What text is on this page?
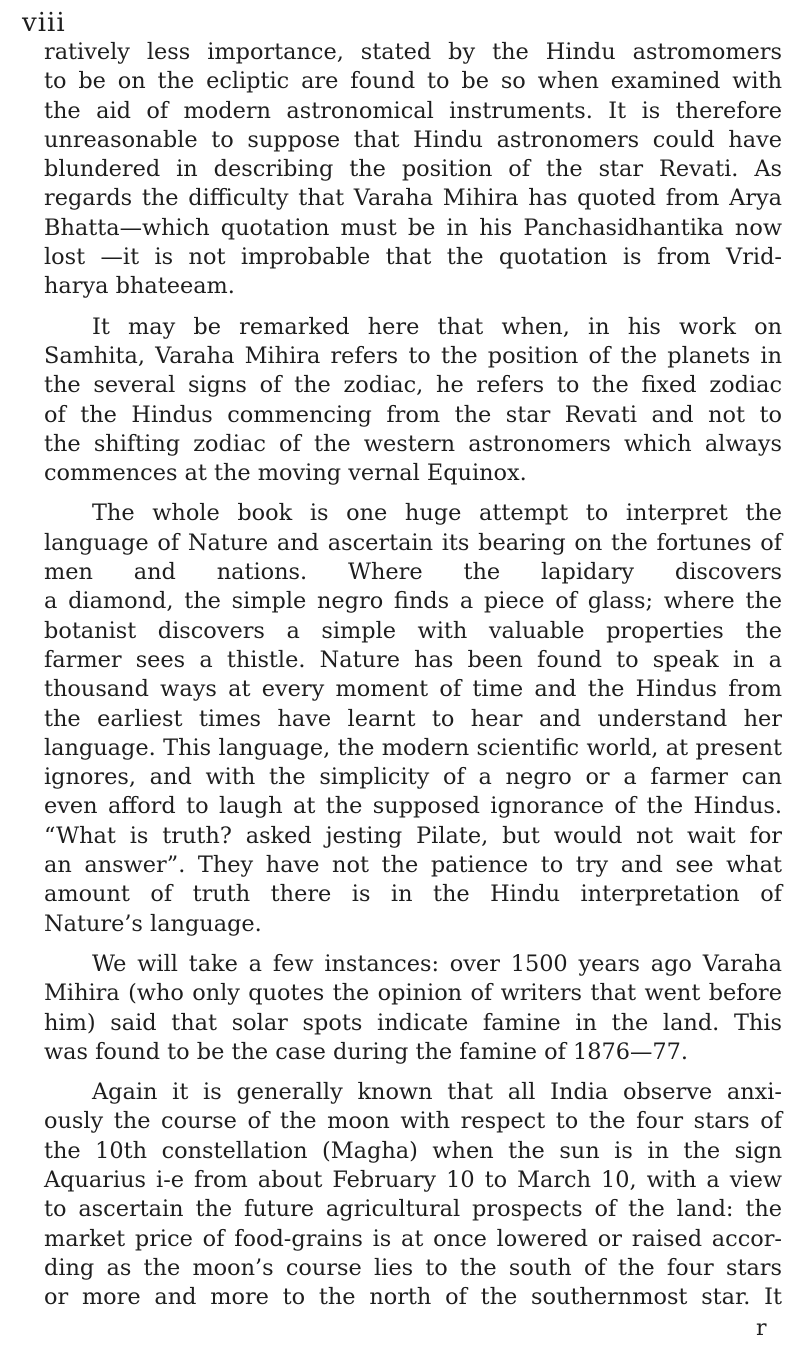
viii

ratively less importance, stated by the Hindu astromomers
to be on the ecliptic are found to be so when examined with
the aid of modern astronomical instruments. It is therefore
unreasonable to suppose that Hindu astronomers could have
blundered in describing the position of the star Revati. As
regards the difficulty that Varaha Mihira has quoted from Arya
Bhatta—which quotation must be in his Panchasidhantika now
lost —it is not improbable that the quotation is from Vrid-
harya bhateeam.

It may be remarked here that when, in his work on
Samhita, Varaha Mihira refers to the position of the planets in
the several signs of the zodiac, he refers to the fixed zodiac
of the Hindus commencing from the star Revati and not to
the shifting zodiac of the western astronomers which always
commences at the moving vernal Equinox.

The whole book is one huge attempt to interpret the
language of Nature and ascertain its bearing on the fortunes of
men and nations. Where the lapidary discovers
a diamond, the simple negro finds a piece of glass; where the
botanist discovers a simple with valuable properties the
farmer sees a thistle. Nature has been found to speak in a
thousand ways at every moment of time and the Hindus from
the earliest times have learnt to hear and understand her
language. This language, the modern scientific world, at present
ignores, and with the simplicity of a negro or a farmer can
even afford to laugh at the supposed ignorance of the Hindus.
“What is truth? asked jesting Pilate, but would not wait for
an answer”. They have not the patience to try and see what
amount of truth there is in the Hindu interpretation of
Nature’s language.

We will take a few instances: over 1500 years ago Varaha
Mihira (who only quotes the opinion of writers that went before
him) said that solar spots indicate famine in the land. This
was found to be the case during the famine of 1876—77.

Again it is generally known that all India observe anxi-
ously the course of the moon with respect to the four stars of
the 10th constellation (Magha) when the sun is in the sign
Aquarius i-e from about February 10 to March 10, with a view
to ascertain the future agricultural prospects of the land: the
market price of food-grains is at once lowered or raised accor-
ding as the moon’s course lies to the south of the four stars
or more and more to the north of the southernmost star. It

r
